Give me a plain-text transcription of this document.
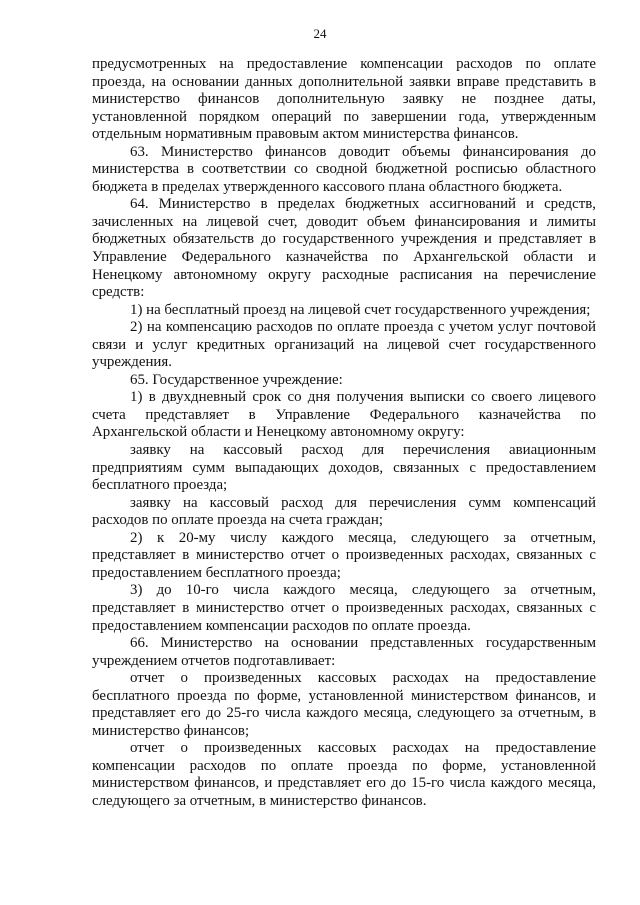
24

предусмотренных на предоставление компенсации расходов по оплате проезда, на основании данных дополнительной заявки вправе представить в министерство финансов дополнительную заявку не позднее даты, установленной порядком операций по завершении года, утвержденным отдельным нормативным правовым актом министерства финансов.

63. Министерство финансов доводит объемы финансирования до министерства в соответствии со сводной бюджетной росписью областного бюджета в пределах утвержденного кассового плана областного бюджета.

64. Министерство в пределах бюджетных ассигнований и средств, зачисленных на лицевой счет, доводит объем финансирования и лимиты бюджетных обязательств до государственного учреждения и представляет в Управление Федерального казначейства по Архангельской области и Ненецкому автономному округу расходные расписания на перечисление средств:

1) на бесплатный проезд на лицевой счет государственного учреждения;

2) на компенсацию расходов по оплате проезда с учетом услуг почтовой связи и услуг кредитных организаций на лицевой счет государственного учреждения.

65. Государственное учреждение:

1) в двухдневный срок со дня получения выписки со своего лицевого счета представляет в Управление Федерального казначейства по Архангельской области и Ненецкому автономному округу:

заявку на кассовый расход для перечисления авиационным предприятиям сумм выпадающих доходов, связанных с предоставлением бесплатного проезда;

заявку на кассовый расход для перечисления сумм компенсаций расходов по оплате проезда на счета граждан;

2) к 20-му числу каждого месяца, следующего за отчетным, представляет в министерство отчет о произведенных расходах, связанных с предоставлением бесплатного проезда;

3) до 10-го числа каждого месяца, следующего за отчетным, представляет в министерство отчет о произведенных расходах, связанных с предоставлением компенсации расходов по оплате проезда.

66. Министерство на основании представленных государственным учреждением отчетов подготавливает:

отчет о произведенных кассовых расходах на предоставление бесплатного проезда по форме, установленной министерством финансов, и представляет его до 25-го числа каждого месяца, следующего за отчетным, в министерство финансов;

отчет о произведенных кассовых расходах на предоставление компенсации расходов по оплате проезда по форме, установленной министерством финансов, и представляет его до 15-го числа каждого месяца, следующего за отчетным, в министерство финансов.
